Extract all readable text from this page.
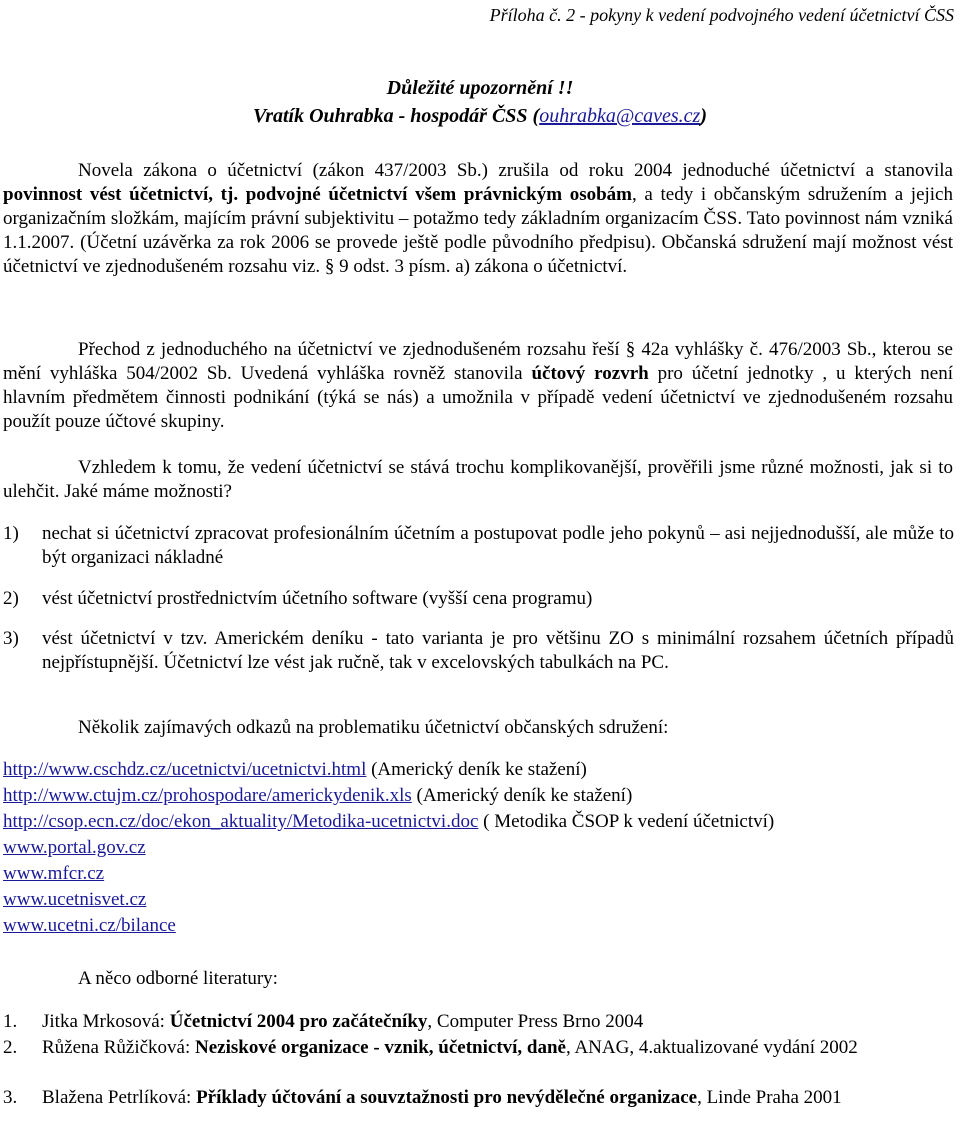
Příloha č. 2 - pokyny k vedení podvojného vedení účetnictví ČSS
Důležité upozornění !!
Vratík Ouhrabka - hospodář ČSS (ouhrabka@caves.cz)
Novela zákona o účetnictví (zákon 437/2003 Sb.) zrušila od roku 2004 jednoduché účetnictví a stanovila povinnost vést účetnictví, tj. podvojné účetnictví všem právnickým osobám, a tedy i občanským sdružením a jejich organizačním složkám, majícím právní subjektivitu – potažmo tedy základním organizacím ČSS. Tato povinnost nám vzniká 1.1.2007. (Účetní uzávěrka za rok 2006 se provede ještě podle původního předpisu). Občanská sdružení mají možnost vést účetnictví ve zjednodušeném rozsahu viz. § 9 odst. 3 písm. a) zákona o účetnictví.
Přechod z jednoduchého na účetnictví ve zjednodušeném rozsahu řeší § 42a vyhlášky č. 476/2003 Sb., kterou se mění vyhláška 504/2002 Sb. Uvedená vyhláška rovněž stanovila účtový rozvrh pro účetní jednotky , u kterých není hlavním předmětem činnosti podnikání (týká se nás) a umožnila v případě vedení účetnictví ve zjednodušeném rozsahu použít pouze účtové skupiny.
Vzhledem k tomu, že vedení účetnictví se stává trochu komplikovanější, prověřili jsme různé možnosti, jak si to ulehčit. Jaké máme možnosti?
1) nechat si účetnictví zpracovat profesionálním účetním a postupovat podle jeho pokynů – asi nejjednodušší, ale může to být organizaci nákladné
2) vést účetnictví prostřednictvím účetního software (vyšší cena programu)
3) vést účetnictví v tzv. Americkém deníku - tato varianta je pro většinu ZO s minimální rozsahem účetních případů nejpřístupnější. Účetnictví lze vést jak ručně, tak v excelovských tabulkách na PC.
Několik zajímavých odkazů na problematiku účetnictví občanských sdružení:
http://www.cschdz.cz/ucetnictvi/ucetnictvi.html (Americký deník ke stažení)
http://www.ctujm.cz/prohospodare/americkydenik.xls (Americký deník ke stažení)
http://csop.ecn.cz/doc/ekon_aktuality/Metodika-ucetnictvi.doc ( Metodika ČSOP k vedení účetnictví)
www.portal.gov.cz
www.mfcr.cz
www.ucetnisvet.cz
www.ucetni.cz/bilance
A něco odborné literatury:
1. Jitka Mrkosová: Účetnictví 2004 pro začátečníky, Computer Press Brno 2004
2. Růžena Růžičková: Neziskové organizace - vznik, účetnictví, daně, ANAG, 4.aktualizované vydání 2002
3. Blažena Petrlíková: Příklady účtování a souvztažnosti pro nevýdělečné organizace, Linde Praha 2001
